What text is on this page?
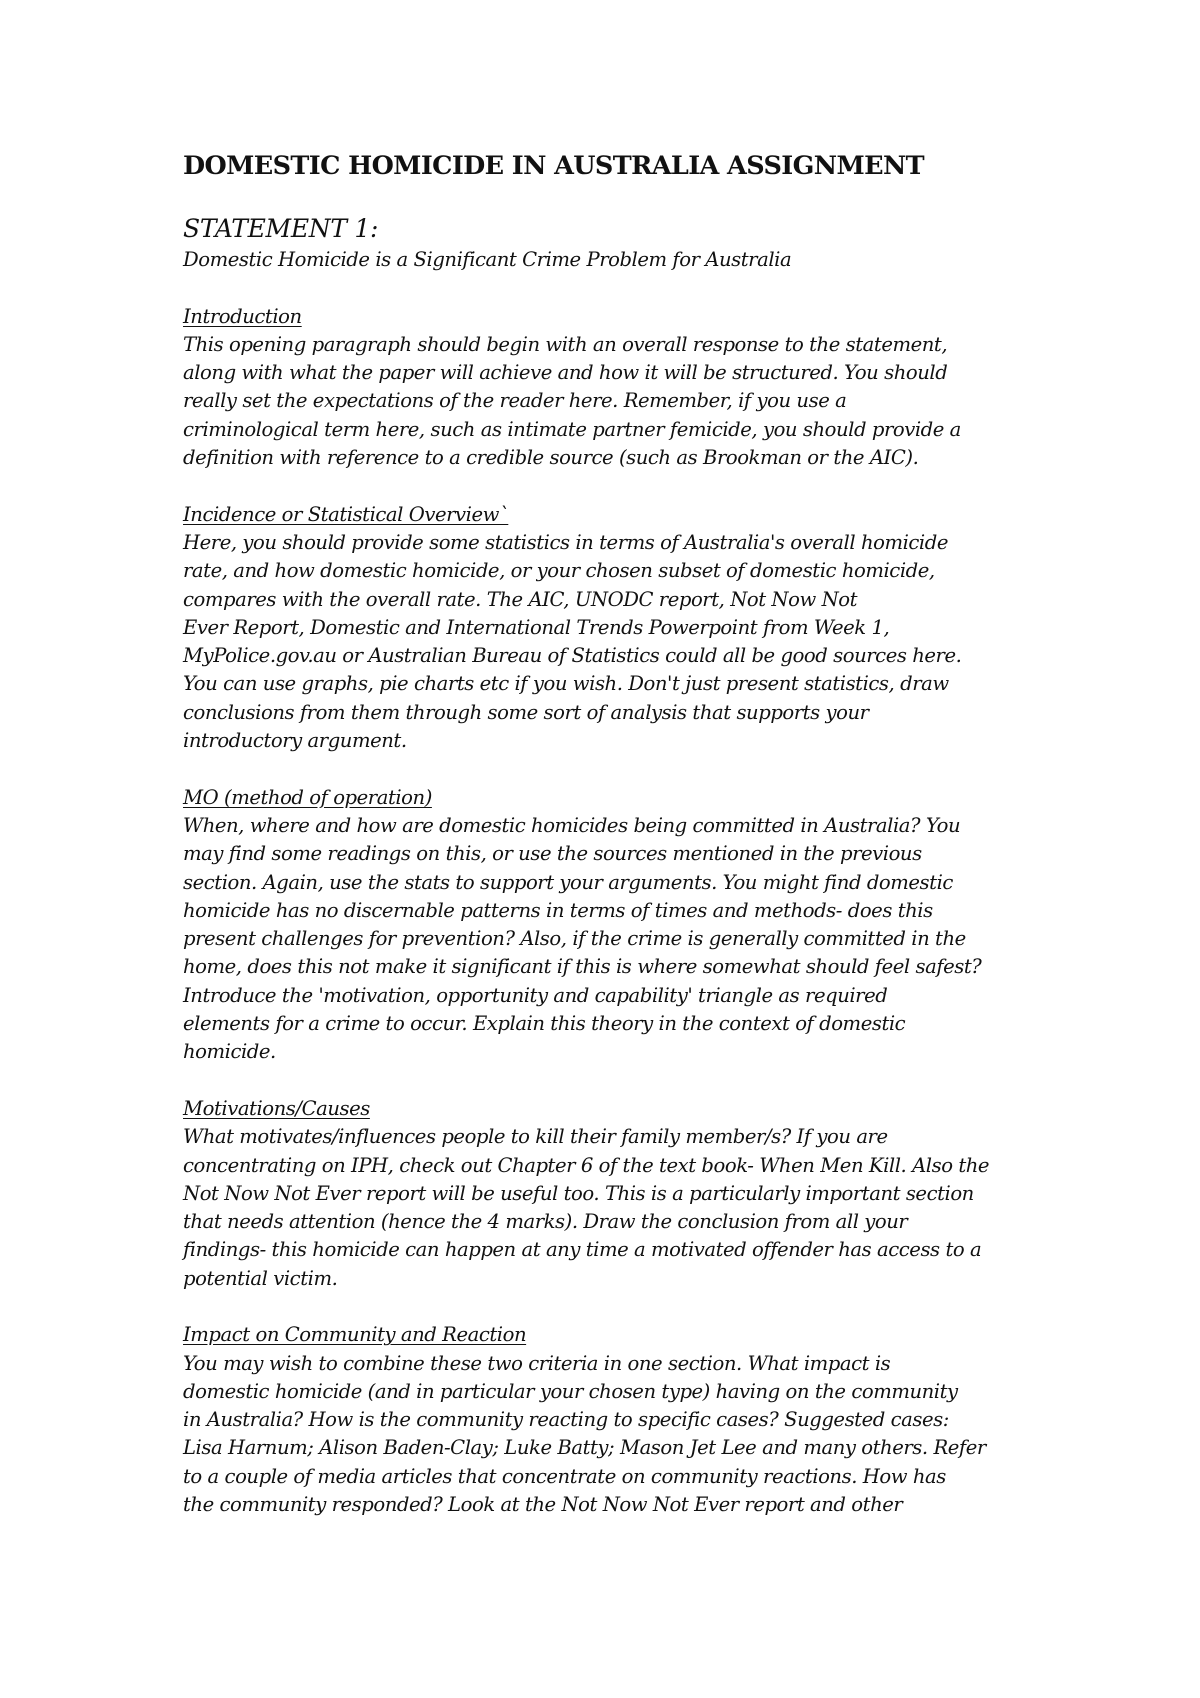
DOMESTIC HOMICIDE IN AUSTRALIA ASSIGNMENT
STATEMENT 1:
Domestic Homicide is a Significant Crime Problem for Australia
Introduction
This opening paragraph should begin with an overall response to the statement,
along with what the paper will achieve and how it will be structured. You should
really set the expectations of the reader here. Remember, if you use a
criminological term here, such as intimate partner femicide, you should provide a
definition with reference to a credible source (such as Brookman or the AIC).
Incidence or Statistical Overview`
Here, you should provide some statistics in terms of Australia's overall homicide
rate, and how domestic homicide, or your chosen subset of domestic homicide,
compares with the overall rate. The AIC, UNODC report, Not Now Not
Ever Report, Domestic and International Trends Powerpoint from Week 1,
MyPolice.gov.au or Australian Bureau of Statistics could all be good sources here.
You can use graphs, pie charts etc if you wish. Don't just present statistics, draw
conclusions from them through some sort of analysis that supports your
introductory argument.
MO (method of operation)
When, where and how are domestic homicides being committed in Australia? You
may find some readings on this, or use the sources mentioned in the previous
section. Again, use the stats to support your arguments. You might find domestic
homicide has no discernable patterns in terms of times and methods- does this
present challenges for prevention? Also, if the crime is generally committed in the
home, does this not make it significant if this is where somewhat should feel safest?
Introduce the 'motivation, opportunity and capability' triangle as required
elements for a crime to occur. Explain this theory in the context of domestic
homicide.
Motivations/Causes
What motivates/influences people to kill their family member/s? If you are
concentrating on IPH, check out Chapter 6 of the text book- When Men Kill. Also the
Not Now Not Ever report will be useful too. This is a particularly important section
that needs attention (hence the 4 marks). Draw the conclusion from all your
findings- this homicide can happen at any time a motivated offender has access to a
potential victim.
Impact on Community and Reaction
You may wish to combine these two criteria in one section. What impact is
domestic homicide (and in particular your chosen type) having on the community
in Australia? How is the community reacting to specific cases? Suggested cases:
Lisa Harnum; Alison Baden-Clay; Luke Batty; Mason Jet Lee and many others. Refer
to a couple of media articles that concentrate on community reactions. How has
the community responded? Look at the Not Now Not Ever report and other
